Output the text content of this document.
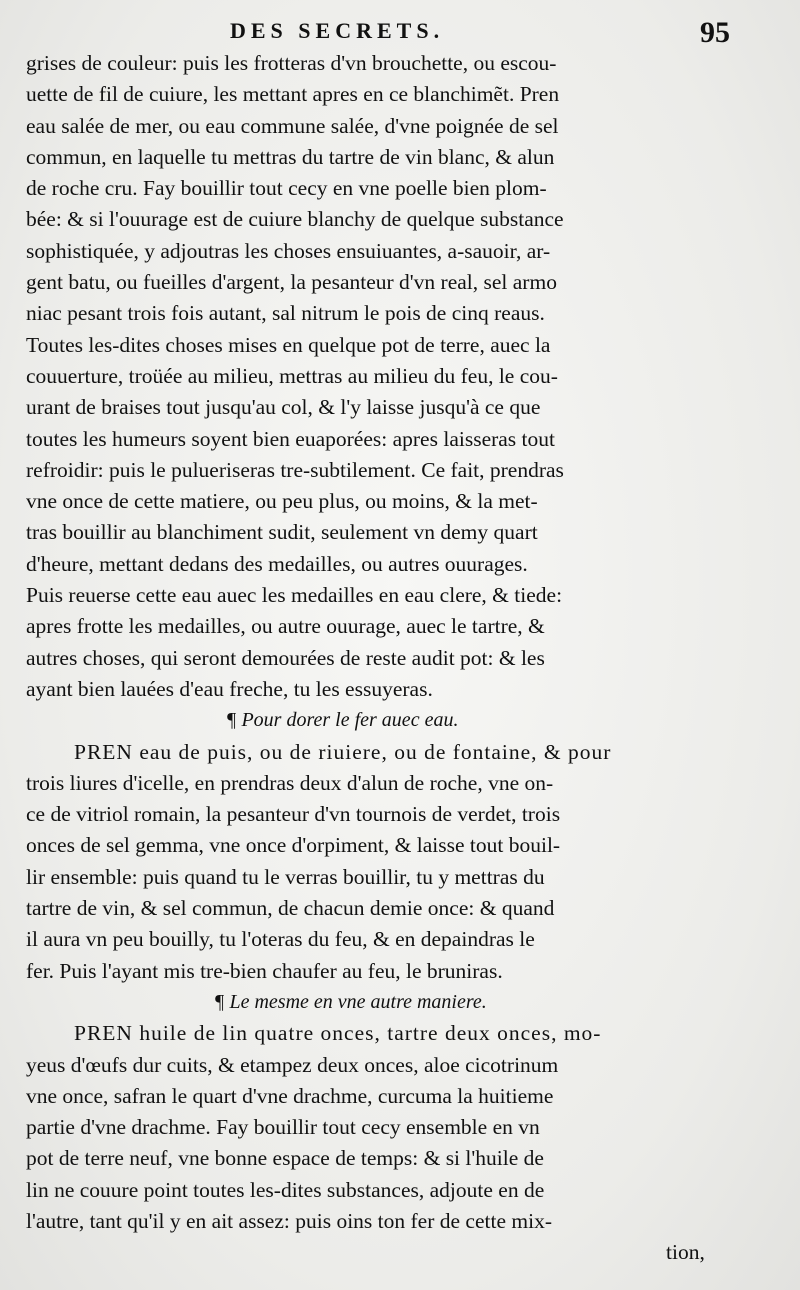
DES SECRETS.	95
grises de couleur: puis les frotteras d'vn brouchette, ou escou-
uette de fil de cuiure, les mettant apres en ce blanchimẽt. Pren
eau salée de mer, ou eau commune salée, d'vne poignée de sel
commun, en laquelle tu mettras du tartre de vin blanc, & alun
de roche cru. Fay bouillir tout cecy en vne poelle bien plom-
bée: & si l'ouurage est de cuiure blanchy de quelque substance
sophistiquée, y adjoutras les choses ensuiuantes, a-sauoir, ar-
gent batu, ou fueilles d'argent, la pesanteur d'vn real, sel armo
niac pesant trois fois autant, sal nitrum le pois de cinq reaus.
Toutes les-dites choses mises en quelque pot de terre, auec la
couuerture, troüée au milieu, mettras au milieu du feu, le cou-
urant de braises tout jusqu'au col, & l'y laisse jusqu'à ce que
toutes les humeurs soyent bien euaporées: apres laisseras tout
refroidir: puis le pulueriseras tre-subtilement. Ce fait, prendras
vne once de cette matiere, ou peu plus, ou moins, & la met-
tras bouillir au blanchiment sudit, seulement vn demy quart
d'heure, mettant dedans des medailles, ou autres ouurages.
Puis reuerse cette eau auec les medailles en eau clere, & tiede:
apres frotte les medailles, ou autre ouurage, auec le tartre, &
autres choses, qui seront demourées de reste audit pot: & les
ayant bien lauées d'eau freche, tu les essuyeras.
¶ Pour dorer le fer auec eau.
PREN eau de puis, ou de riuiere, ou de fontaine, & pour
trois liures d'icelle, en prendras deux d'alun de roche, vne on-
ce de vitriol romain, la pesanteur d'vn tournois de verdet, trois
onces de sel gemma, vne once d'orpiment, & laisse tout bouil-
lir ensemble: puis quand tu le verras bouillir, tu y mettras du
tartre de vin, & sel commun, de chacun demie once: & quand
il aura vn peu bouilly, tu l'oteras du feu, & en depaindras le
fer. Puis l'ayant mis tre-bien chaufer au feu, le bruniras.
¶ Le mesme en vne autre maniere.
PREN huile de lin quatre onces, tartre deux onces, mo-
yeus d'œufs dur cuits, & etampez deux onces, aloe cicotrinum
vne once, safran le quart d'vne drachme, curcuma la huitieme
partie d'vne drachme. Fay bouillir tout cecy ensemble en vn
pot de terre neuf, vne bonne espace de temps: & si l'huile de
lin ne couure point toutes les-dites substances, adjoute en de
l'autre, tant qu'il y en ait assez: puis oins ton fer de cette mix-
tion,
